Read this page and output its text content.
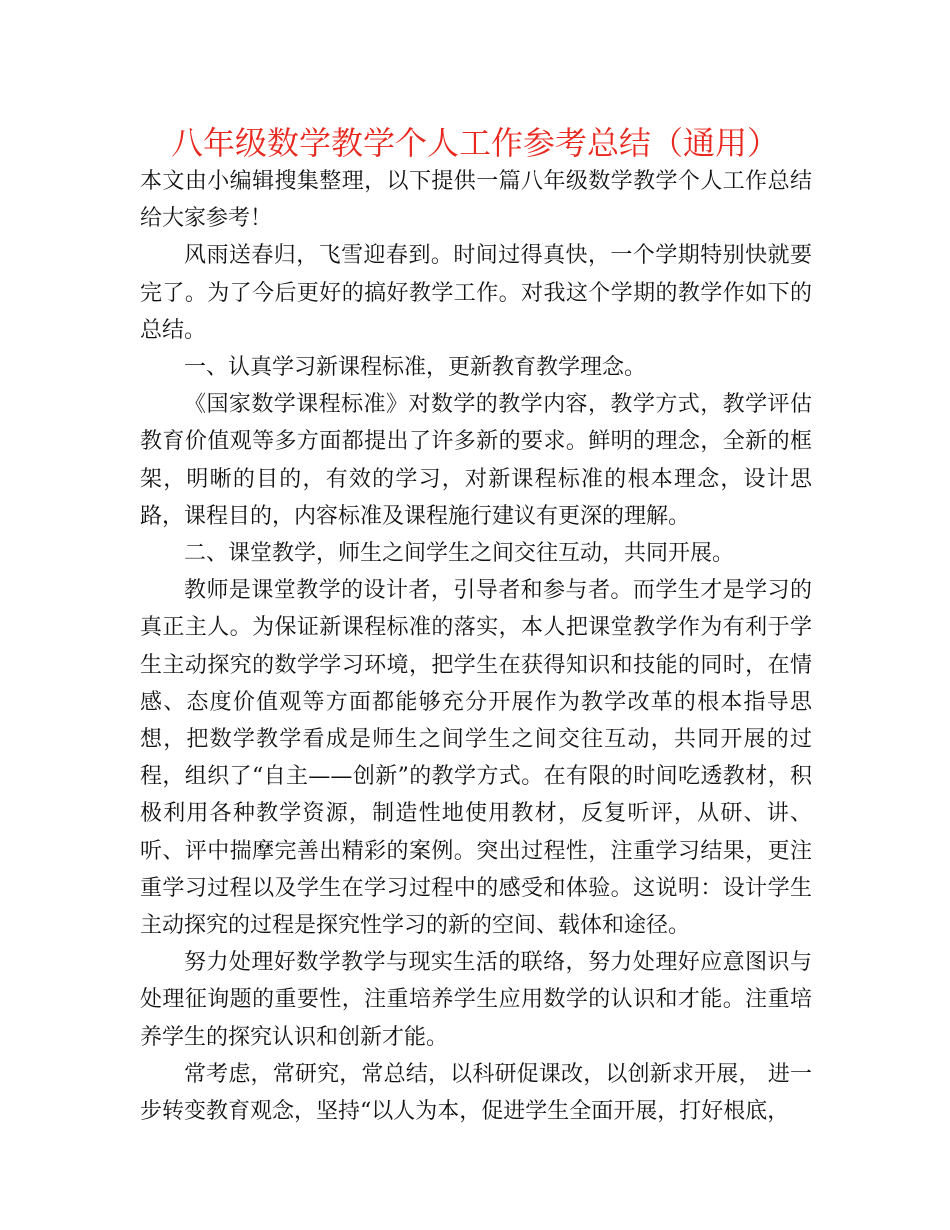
八年级数学教学个人工作参考总结（通用）

本文由小编辑搜集整理，以下提供一篇八年级数学教学个人工作总结给大家参考！

风雨送春归，飞雪迎春到。时间过得真快，一个学期特别快就要完了。为了今后更好的搞好教学工作。对我这个学期的教学作如下的总结。

一、认真学习新课程标准，更新教育教学理念。

《国家数学课程标准》对数学的教学内容，教学方式，教学评估教育价值观等多方面都提出了许多新的要求。鲜明的理念，全新的框架，明晰的目的，有效的学习，对新课程标准的根本理念，设计思路，课程目的，内容标准及课程施行建议有更深的理解。

二、课堂教学，师生之间学生之间交往互动，共同开展。

教师是课堂教学的设计者，引导者和参与者。而学生才是学习的真正主人。为保证新课程标准的落实，本人把课堂教学作为有利于学生主动探究的数学学习环境，把学生在获得知识和技能的同时，在情感、态度价值观等方面都能够充分开展作为教学改革的根本指导思想，把数学教学看成是师生之间学生之间交往互动，共同开展的过程，组织了“自主——创新”的教学方式。在有限的时间吃透教材，积极利用各种教学资源，制造性地使用教材，反复听评，从研、讲、听、评中揣摩完善出精彩的案例。突出过程性，注重学习结果，更注重学习过程以及学生在学习过程中的感受和体验。这说明：设计学生主动探究的过程是探究性学习的新的空间、载体和途径。

努力处理好数学教学与现实生活的联络，努力处理好应意图识与处理征询题的重要性，注重培养学生应用数学的认识和才能。注重培养学生的探究认识和创新才能。

常考虑，常研究，常总结，以科研促课改，以创新求开展， 进一步转变教育观念，坚持“以人为本，促进学生全面开展，打好根底，
